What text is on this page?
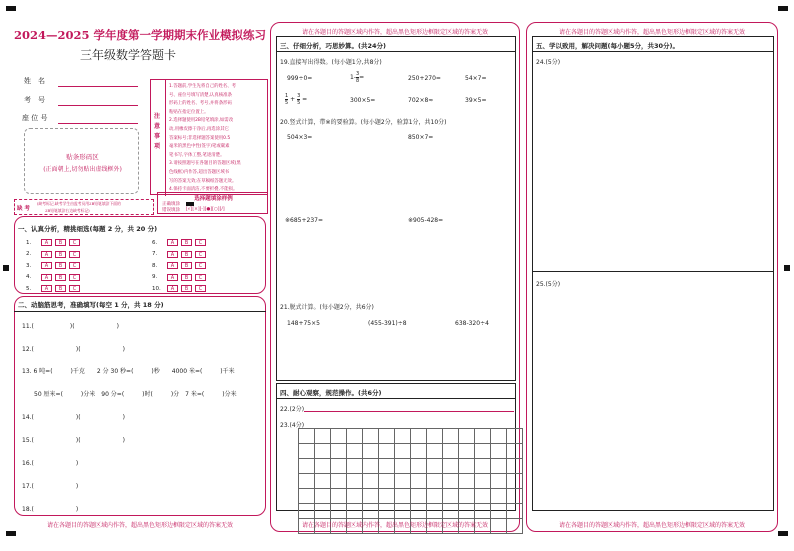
2024—2025 学年度第一学期期末作业模拟练习
三年级数学答题卡
姓　名
考　号
座 位 号
贴条形码区
(正面朝上,切勿贴出虚线框外)
注意事项
1.答题前,学生先将自己的姓名、考
号、座位号填写清楚,认真核准条
形码上的姓名、考号,并将条形码
粘贴在指定位置上。
2.选择题使用2B铅笔填涂,如需改
动,用橡皮擦干净后,再选涂其它
答案标号;非选择题答案使用0.5
毫米的黑色中性(签字)笔或碳素
笔书写,字体工整,笔迹清楚。
3.请按照题号在各题目的答题区域(黑
色线框)内作答,超出答题区域书
写的答案无效;在草稿纸答题无效。
4.保持卡面清洁,不要折叠,不能损。
缺 考
(缺考标记,缺考学生由监考员用2B铅笔填涂下面的
2B铅笔填涂右边缺考标记)
选择题填涂样例
正确填涂
错误填涂 [√][×][-][●][○][/]
一、认真分析，精挑细选(每题 2 分，共 20 分)
1.	A	B	C
2.	A	B	C
3.	A	B	C
4.	A	B	C
5.	A	B	C
6.	A	B	C
7.	A	B	C
8.	A	B	C
9.	A	B	C
10.	A	B	C
二、动脑筋思考，准确填写(每空 1 分，共 18 分)
11.(　　　　　　)(　　　　　　　)
12.(　　　　　　　)(　　　　　　　)
13. 6 吨=(　　　)千克　　2 分 30 秒=(　　　)秒　　4000 米=(　　　)千米
　　50 厘米=(　　　)分米　90 分=(　　　)时(　　　)分　7 米=(　　　)分米
14.(　　　　　　　)(　　　　　　　)
15.(　　　　　　　)(　　　　　　　)
16.(　　　　　　　)
17.(　　　　　　　)
18.(　　　　　　　)
请在各题目的答题区域内作答，超出黑色矩形边框限定区域的答案无效
请在各题目的答题区域内作答，超出黑色矩形边框限定区域的答案无效
三、仔细分析，巧思妙算。(共24分)
19.直接写出得数。(每小题1分,共8分)
999÷0=	$1- \frac{3}{8}$ =	250+270=	54×7=
$\frac{1}{5} + \frac{3}{5}$ =	300×5=	702×8≈	39×5=
20.竖式计算，带※的要验算。(每小题2分，验算1分，共10分)
504×3=	850×7=
※685+237=	※905-428=
21.脱式计算。(每小题2分，共6分)
148+75×5	(455-391)÷8	638-320÷4
四、耐心观察，规范操作。(共6分)
22.(2分)
23.(4分)
请在各题目的答题区域内作答，超出黑色矩形边框限定区域的答案无效
请在各题目的答题区域内作答，超出黑色矩形边框限定区域的答案无效
五、学以致用，解决问题(每小题5分，共30分)。
24.(5分)
25.(5分)
请在各题目的答题区域内作答，超出黑色矩形边框限定区域的答案无效
